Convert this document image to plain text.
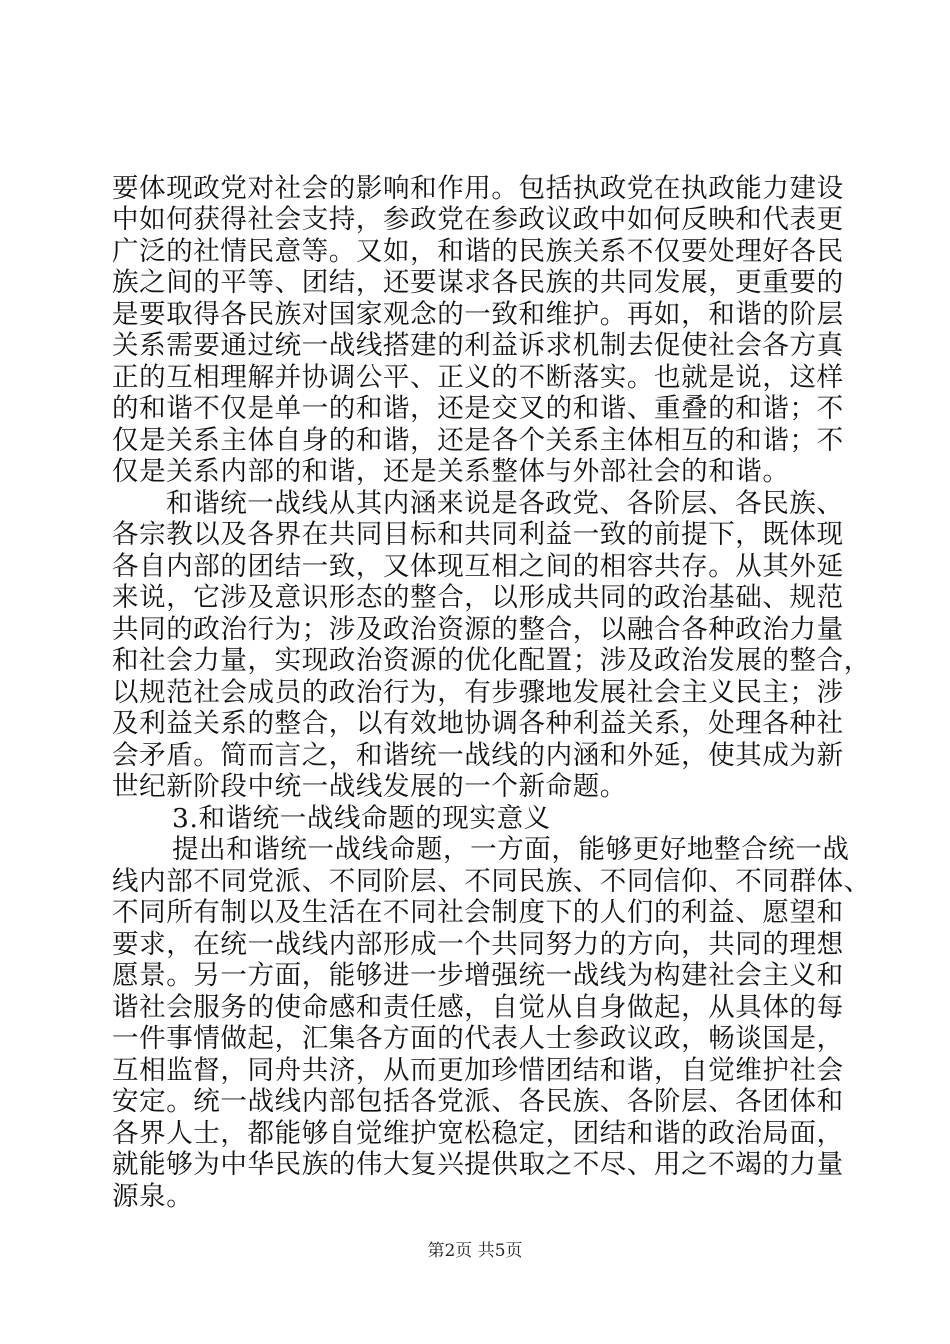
要体现政党对社会的影响和作用。包括执政党在执政能力建设
中如何获得社会支持，参政党在参政议政中如何反映和代表更
广泛的社情民意等。又如，和谐的民族关系不仅要处理好各民
族之间的平等、团结，还要谋求各民族的共同发展，更重要的
是要取得各民族对国家观念的一致和维护。再如，和谐的阶层
关系需要通过统一战线搭建的利益诉求机制去促使社会各方真
正的互相理解并协调公平、正义的不断落实。也就是说，这样
的和谐不仅是单一的和谐，还是交叉的和谐、重叠的和谐；不
仅是关系主体自身的和谐，还是各个关系主体相互的和谐；不
仅是关系内部的和谐，还是关系整体与外部社会的和谐。
和谐统一战线从其内涵来说是各政党、各阶层、各民族、
各宗教以及各界在共同目标和共同利益一致的前提下，既体现
各自内部的团结一致，又体现互相之间的相容共存。从其外延
来说，它涉及意识形态的整合，以形成共同的政治基础、规范
共同的政治行为；涉及政治资源的整合，以融合各种政治力量
和社会力量，实现政治资源的优化配置；涉及政治发展的整合，
以规范社会成员的政治行为，有步骤地发展社会主义民主；涉
及利益关系的整合，以有效地协调各种利益关系，处理各种社
会矛盾。简而言之，和谐统一战线的内涵和外延，使其成为新
世纪新阶段中统一战线发展的一个新命题。
3.和谐统一战线命题的现实意义
提出和谐统一战线命题，一方面，能够更好地整合统一战
线内部不同党派、不同阶层、不同民族、不同信仰、不同群体、
不同所有制以及生活在不同社会制度下的人们的利益、愿望和
要求，在统一战线内部形成一个共同努力的方向，共同的理想
愿景。另一方面，能够进一步增强统一战线为构建社会主义和
谐社会服务的使命感和责任感，自觉从自身做起，从具体的每
一件事情做起，汇集各方面的代表人士参政议政，畅谈国是，
互相监督，同舟共济，从而更加珍惜团结和谐，自觉维护社会
安定。统一战线内部包括各党派、各民族、各阶层、各团体和
各界人士，都能够自觉维护宽松稳定，团结和谐的政治局面，
就能够为中华民族的伟大复兴提供取之不尽、用之不竭的力量
源泉。
第2页 共5页
